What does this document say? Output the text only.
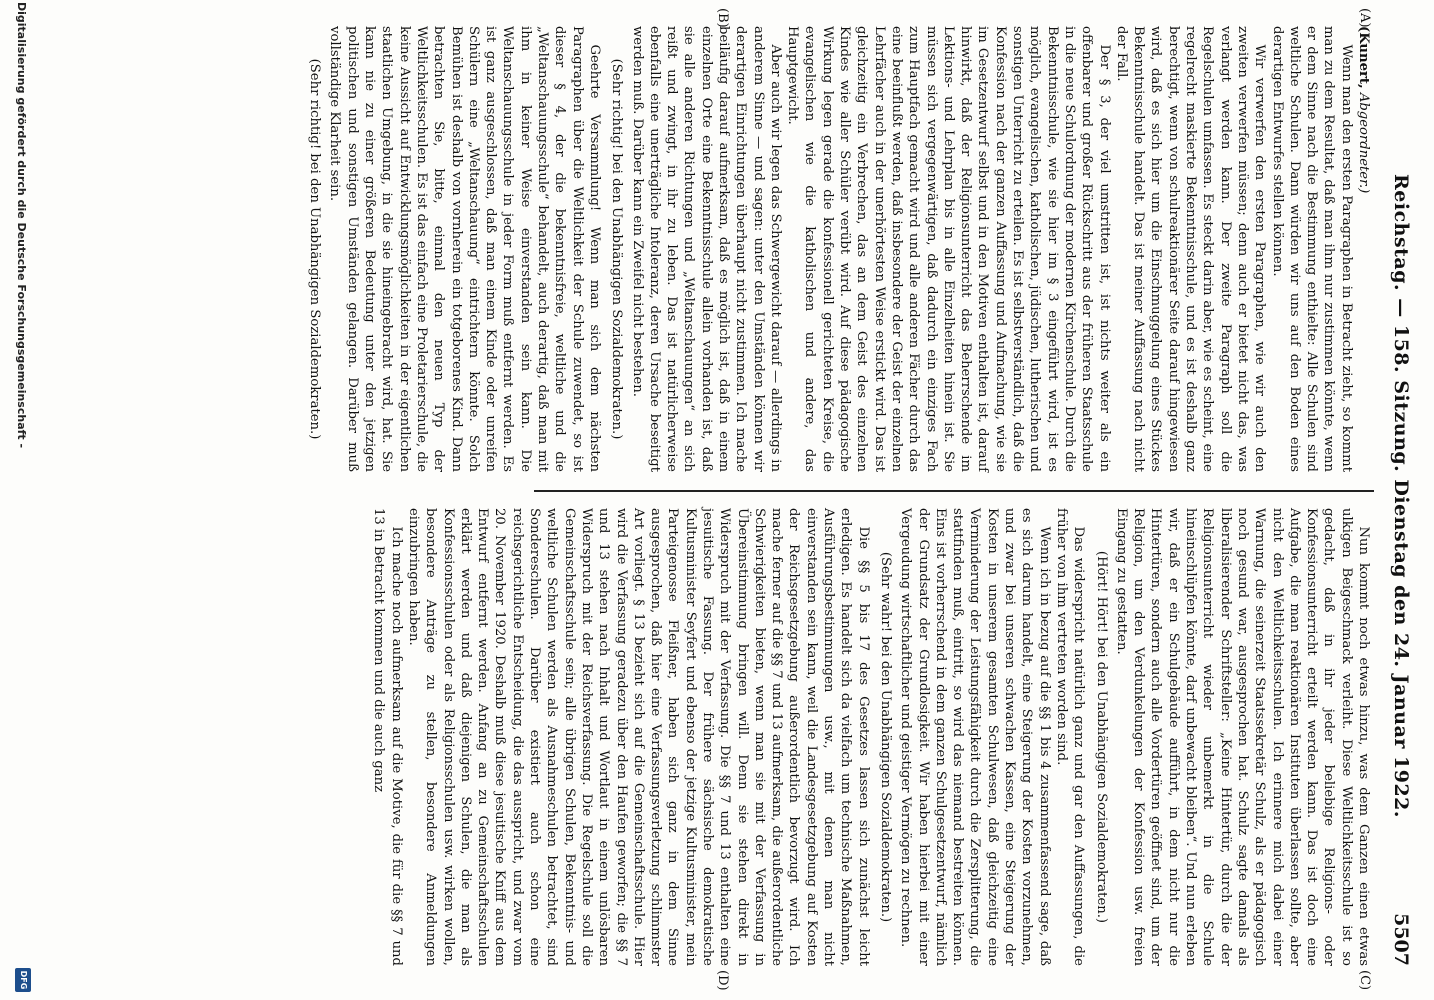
Reichstag. — 158. Sitzung. Dienstag den 24. Januar 1922.
5507
(A)
(B)
(C)
(D)

(Kunert, Abgeordneter.)

Wenn man den ersten Paragraphen in Betracht zieht, so kommt man zu dem Resultat, daß man ihm nur zustimmen könnte, wenn er dem Sinne nach die Bestimmung enthielte: Alle Schulen sind weltliche Schulen. Dann würden wir uns auf den Boden eines derartigen Entwurfes stellen können.

Wir verwerfen den ersten Paragraphen, wie wir auch den zweiten verwerfen müssen; denn auch er bietet nicht das, was verlangt werden kann. Der zweite Paragraph soll die Regelschulen umfassen. Es steckt darin aber, wie es scheint, eine regelrecht maskierte Bekenntnisschule, und es ist deshalb ganz berechtigt, wenn von schulreaktionärer Seite darauf hingewiesen wird, daß es sich hier um die Einschmuggelung eines Stückes Bekenntnisschule handelt. Das ist meiner Auffassung nach nicht der Fall.

Der § 3, der viel umstritten ist, ist nichts weiter als ein offenbarer und großer Rückschritt aus der früheren Staatsschule in die neue Schulordnung der modernen Kirchenschule. Durch die Bekenntnisschule, wie sie hier im § 3 eingeführt wird, ist es möglich, evangelischen, katholischen, jüdischen, lutherischen und sonstigen Unterricht zu erteilen. Es ist selbstverständlich, daß die Konfession nach der ganzen Auffassung und Aufmachung, wie sie im Gesetzentwurf selbst und in den Motiven enthalten ist, darauf hinwirkt, daß der Religionsunterricht das Beherrschende im Lektions- und Lehrplan bis in alle Einzelheiten hinein ist. Sie müssen sich vergegenwärtigen, daß dadurch ein einziges Fach zum Hauptfach gemacht wird und alle anderen Fächer durch das eine beeinflußt werden, daß insbesondere der Geist der einzelnen Lehrfächer auch in der unerhörtesten Weise erstickt wird. Das ist gleichzeitig ein Verbrechen, das an dem Geist des einzelnen Kindes wie aller Schüler verübt wird. Auf diese pädagogische Wirkung legen gerade die konfessionell gerichteten Kreise, die evangelischen wie die katholischen und andere, das Hauptgewicht.

Aber auch wir legen das Schwergewicht darauf — allerdings in anderem Sinne — und sagen: unter den Umständen können wir derartigen Einrichtungen überhaupt nicht zustimmen. Ich mache beiläufig darauf aufmerksam, daß es möglich ist, daß in einem einzelnen Orte eine Bekenntnisschule allein vorhanden ist, daß sie alle anderen Richtungen und „Weltanschauungen“ an sich reißt und zwingt, in ihr zu leben. Das ist natürlicherweise ebenfalls eine unerträgliche Intoleranz, deren Ursache beseitigt werden muß. Darüber kann ein Zweifel nicht bestehen.

(Sehr richtig! bei den Unabhängigen Sozialdemokraten.)

Geehrte Versammlung! Wenn man sich dem nächsten Paragraphen über die Weltlichkeit der Schule zuwendet, so ist dieser § 4, der die bekenntnisfreie, weltliche und die „Weltanschauungsschule“ behandelt, auch derartig, daß man mit ihm in keiner Weise einverstanden sein kann. Die Weltanschauungsschule in jeder Form muß entfernt werden. Es ist ganz ausgeschlossen, daß man einem Kinde oder unreifen Schülern eine „Weltanschauung“ eintrichtern könnte. Solch Bemühen ist deshalb von vornherein ein totgeborenes Kind. Dann betrachten Sie, bitte, einmal den neuen Typ der Weltlichkeitsschulen. Es ist das einfach eine Proletarierschule, die keine Aussicht auf Entwicklungsmöglichkeiten in der eigentlichen staatlichen Umgebung, in die sie hineingebracht wird, hat. Sie kann nie zu einer größeren Bedeutung unter den jetzigen politischen und sonstigen Umständen gelangen. Darüber muß vollständige Klarheit sein.

(Sehr richtig! bei den Unabhängigen Sozialdemokraten.)

Nun kommt noch etwas hinzu, was dem Ganzen einen etwas ulkigen Beigeschmack verleiht. Diese Weltlichkeitsschule ist so gedacht, daß in ihr jeder beliebige Religions- oder Konfessionsunterricht erteilt werden kann. Das ist doch eine Aufgabe, die man reaktionären Instituten überlassen sollte, aber nicht den Weltlichkeitsschulen. Ich erinnere mich dabei einer Warnung, die seinerzeit Staatssekretär Schulz, als er pädagogisch noch gesund war, ausgesprochen hat. Schulz sagte damals als liberalisierender Schriftsteller: „Keine Hintertür, durch die der Religionsunterricht wieder unbemerkt in die Schule hineinschlüpfen könnte, darf unbewacht bleiben“. Und nun erleben wir, daß er ein Schulgebäude aufführt, in dem nicht nur die Hintertüren, sondern auch alle Vordertüren geöffnet sind, um der Religion, um den Verdunkelungen der Konfession usw. freien Eingang zu gestatten.

(Hört! Hört! bei den Unabhängigen Sozialdemokraten.)

Das widerspricht natürlich ganz und gar den Auffassungen, die früher von ihm vertreten worden sind.

Wenn ich in bezug auf die §§ 1 bis 4 zusammenfassend sage, daß es sich darum handelt, eine Steigerung der Kosten vorzunehmen, und zwar bei unseren schwachen Kassen, eine Steigerung der Kosten in unserem gesamten Schulwesen, daß gleichzeitig eine Verminderung der Leistungsfähigkeit durch die Zersplitterung, die stattfinden muß, eintritt, so wird das niemand bestreiten können. Eins ist vorherrschend in dem ganzen Schulgesetzentwurf, nämlich der Grundsatz der Grundlosigkeit. Wir haben hierbei mit einer Vergeudung wirtschaftlicher und geistiger Vermögen zu rechnen.

(Sehr wahr! bei den Unabhängigen Sozialdemokraten.)

Die §§ 5 bis 17 des Gesetzes lassen sich zunächst leicht erledigen. Es handelt sich da vielfach um technische Maßnahmen, Ausführungsbestimmungen usw., mit denen man nicht einverstanden sein kann, weil die Landesgesetzgebung auf Kosten der Reichsgesetzgebung außerordentlich bevorzugt wird. Ich mache ferner auf die §§ 7 und 13 aufmerksam, die außerordentliche Schwierigkeiten bieten, wenn man sie mit der Verfassung in Übereinstimmung bringen will. Denn sie stehen direkt in Widerspruch mit der Verfassung. Die §§ 7 und 13 enthalten eine jesuitische Fassung. Der frühere sächsische demokratische Kultusminister Seyfert und ebenso der jetzige Kultusminister, mein Parteigenosse Fleißner, haben sich ganz in dem Sinne ausgesprochen, daß hier eine Verfassungsverletzung schlimmster Art vorliegt. § 13 bezieht sich auf die Gemeinschaftsschule. Hier wird die Verfassung geradezu über den Haufen geworfen; die §§ 7 und 13 stehen nach Inhalt und Wortlaut in einem unlösbaren Widerspruch mit der Reichsverfassung. Die Regelschule soll die Gemeinschaftsschule sein; alle übrigen Schulen, Bekenntnis- und weltliche Schulen werden als Ausnahmeschulen betrachtet, sind Sondereschulen. Darüber existiert auch schon eine reichsgerichtliche Entscheidung, die das ausspricht, und zwar vom 20. November 1920. Deshalb muß diese jesuitische Kniff aus dem Entwurf entfernt werden. Anfang an zu Gemeinschaftsschulen erklärt werden und daß diejenigen Schulen, die man als Konfessionsschulen oder als Religionsschulen usw. wirken wollen, besondere Anträge zu stellen, besondere Anmeldungen einzubringen haben.

Ich mache noch aufmerksam auf die Motive, die für die §§ 7 und 13 in Betracht kommen und die auch ganz

Digitalisierung gefördert durch die Deutsche Forschungsgemeinschaft -
DFG
